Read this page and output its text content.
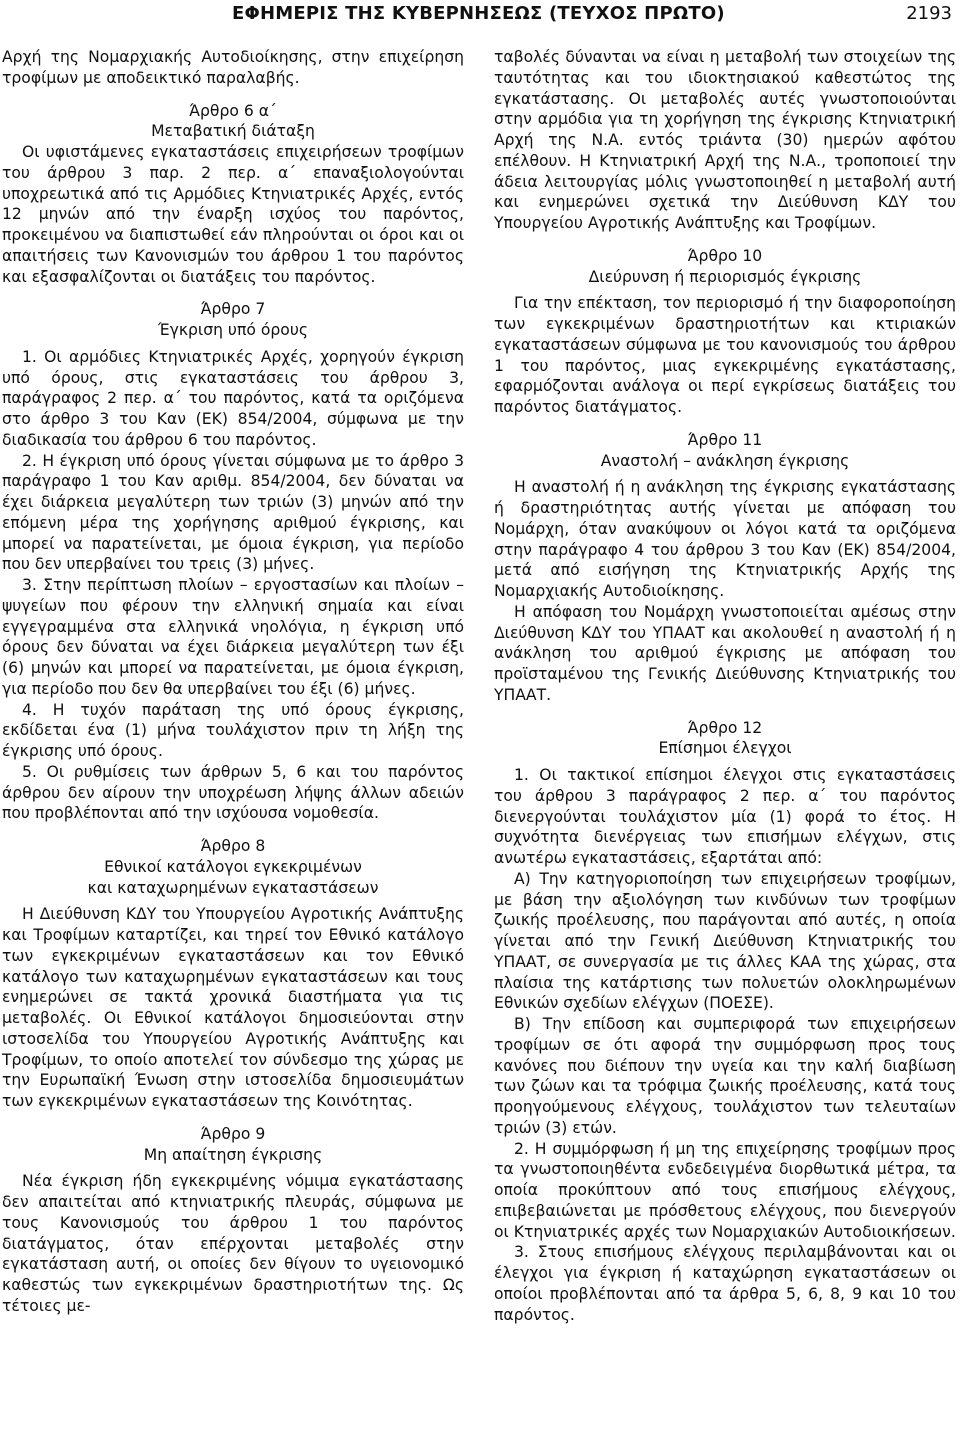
ΕΦΗΜΕΡΙΣ ΤΗΣ ΚΥΒΕΡΝΗΣΕΩΣ (ΤΕΥΧΟΣ ΠΡΩΤΟ)	2193

Αρχή της Νομαρχιακής Αυτοδιοίκησης, στην επιχείρηση τροφίμων με αποδεικτικό παραλαβής.

Άρθρο 6 α΄

Μεταβατική διάταξη

Οι υφιστάμενες εγκαταστάσεις επιχειρήσεων τροφίμων του άρθρου 3 παρ. 2 περ. α΄ επαναξιολογούνται υποχρεωτικά από τις Αρμόδιες Κτηνιατρικές Αρχές, εντός 12 μηνών από την έναρξη ισχύος του παρόντος, προκειμένου να διαπιστωθεί εάν πληρούνται οι όροι και οι απαιτήσεις των Κανονισμών του άρθρου 1 του παρόντος και εξασφαλίζονται οι διατάξεις του παρόντος.

Άρθρο 7

Έγκριση υπό όρους

1. Οι αρμόδιες Κτηνιατρικές Αρχές, χορηγούν έγκριση υπό όρους, στις εγκαταστάσεις του άρθρου 3, παράγραφος 2 περ. α΄ του παρόντος, κατά τα οριζόμενα στο άρθρο 3 του Καν (ΕΚ) 854/2004, σύμφωνα με την διαδικασία του άρθρου 6 του παρόντος.

2. Η έγκριση υπό όρους γίνεται σύμφωνα με το άρθρο 3 παράγραφο 1 του Καν αριθμ. 854/2004, δεν δύναται να έχει διάρκεια μεγαλύτερη των τριών (3) μηνών από την επόμενη μέρα της χορήγησης αριθμού έγκρισης, και μπορεί να παρατείνεται, με όμοια έγκριση, για περίοδο που δεν υπερβαίνει του τρεις (3) μήνες.

3. Στην περίπτωση πλοίων – εργοστασίων και πλοίων – ψυγείων που φέρουν την ελληνική σημαία και είναι εγγεγραμμένα στα ελληνικά νηολόγια, η έγκριση υπό όρους δεν δύναται να έχει διάρκεια μεγαλύτερη των έξι (6) μηνών και μπορεί να παρατείνεται, με όμοια έγκριση, για περίοδο που δεν θα υπερβαίνει του έξι (6) μήνες.

4. Η τυχόν παράταση της υπό όρους έγκρισης, εκδίδεται ένα (1) μήνα τουλάχιστον πριν τη λήξη της έγκρισης υπό όρους.

5. Οι ρυθμίσεις των άρθρων 5, 6 και του παρόντος άρθρου δεν αίρουν την υποχρέωση λήψης άλλων αδειών που προβλέπονται από την ισχύουσα νομοθεσία.

Άρθρο 8

Εθνικοί κατάλογοι εγκεκριμένων

και καταχωρημένων εγκαταστάσεων

Η Διεύθυνση ΚΔΥ του Υπουργείου Αγροτικής Ανάπτυξης και Τροφίμων καταρτίζει, και τηρεί τον Εθνικό κατάλογο των εγκεκριμένων εγκαταστάσεων και τον Εθνικό κατάλογο των καταχωρημένων εγκαταστάσεων και τους ενημερώνει σε τακτά χρονικά διαστήματα για τις μεταβολές. Οι Εθνικοί κατάλογοι δημοσιεύονται στην ιστοσελίδα του Υπουργείου Αγροτικής Ανάπτυξης και Τροφίμων, το οποίο αποτελεί τον σύνδεσμο της χώρας με την Ευρωπαϊκή Ένωση στην ιστοσελίδα δημοσιευμάτων των εγκεκριμένων εγκαταστάσεων της Κοινότητας.

Άρθρο 9

Μη απαίτηση έγκρισης

Νέα έγκριση ήδη εγκεκριμένης νόμιμα εγκατάστασης δεν απαιτείται από κτηνιατρικής πλευράς, σύμφωνα με τους Κανονισμούς του άρθρου 1 του παρόντος διατάγματος, όταν επέρχονται μεταβολές στην εγκατάσταση αυτή, οι οποίες δεν θίγουν το υγειονομικό καθεστώς των εγκεκριμένων δραστηριοτήτων της. Ως τέτοιες με-

ταβολές δύνανται να είναι η μεταβολή των στοιχείων της ταυτότητας και του ιδιοκτησιακού καθεστώτος της εγκατάστασης. Οι μεταβολές αυτές γνωστοποιούνται στην αρμόδια για τη χορήγηση της έγκρισης Κτηνιατρική Αρχή της Ν.Α. εντός τριάντα (30) ημερών αφότου επέλθουν. Η Κτηνιατρική Αρχή της Ν.Α., τροποποιεί την άδεια λειτουργίας μόλις γνωστοποιηθεί η μεταβολή αυτή και ενημερώνει σχετικά την Διεύθυνση ΚΔΥ του Υπουργείου Αγροτικής Ανάπτυξης και Τροφίμων.

Άρθρο 10

Διεύρυνση ή περιορισμός έγκρισης

Για την επέκταση, τον περιορισμό ή την διαφοροποίηση των εγκεκριμένων δραστηριοτήτων και κτιριακών εγκαταστάσεων σύμφωνα με του κανονισμούς του άρθρου 1 του παρόντος, μιας εγκεκριμένης εγκατάστασης, εφαρμόζονται ανάλογα οι περί εγκρίσεως διατάξεις του παρόντος διατάγματος.

Άρθρο 11

Αναστολή – ανάκληση έγκρισης

Η αναστολή ή η ανάκληση της έγκρισης εγκατάστασης ή δραστηριότητας αυτής γίνεται με απόφαση του Νομάρχη, όταν ανακύψουν οι λόγοι κατά τα οριζόμενα στην παράγραφο 4 του άρθρου 3 του Καν (ΕΚ) 854/2004, μετά από εισήγηση της Κτηνιατρικής Αρχής της Νομαρχιακής Αυτοδιοίκησης.

Η απόφαση του Νομάρχη γνωστοποιείται αμέσως στην Διεύθυνση ΚΔΥ του ΥΠΑΑΤ και ακολουθεί η αναστολή ή η ανάκληση του αριθμού έγκρισης με απόφαση του προϊσταμένου της Γενικής Διεύθυνσης Κτηνιατρικής του ΥΠΑΑΤ.

Άρθρο 12

Επίσημοι έλεγχοι

1. Οι τακτικοί επίσημοι έλεγχοι στις εγκαταστάσεις του άρθρου 3 παράγραφος 2 περ. α΄ του παρόντος διενεργούνται τουλάχιστον μία (1) φορά το έτος. Η συχνότητα διενέργειας των επισήμων ελέγχων, στις ανωτέρω εγκαταστάσεις, εξαρτάται από:

Α) Την κατηγοριοποίηση των επιχειρήσεων τροφίμων, με βάση την αξιολόγηση των κινδύνων των τροφίμων ζωικής προέλευσης, που παράγονται από αυτές, η οποία γίνεται από την Γενική Διεύθυνση Κτηνιατρικής του ΥΠΑΑΤ, σε συνεργασία με τις άλλες ΚΑΑ της χώρας, στα πλαίσια της κατάρτισης των πολυετών ολοκληρωμένων Εθνικών σχεδίων ελέγχων (ΠΟΕΣΕ).

Β) Την επίδοση και συμπεριφορά των επιχειρήσεων τροφίμων σε ότι αφορά την συμμόρφωση προς τους κανόνες που διέπουν την υγεία και την καλή διαβίωση των ζώων και τα τρόφιμα ζωικής προέλευσης, κατά τους προηγούμενους ελέγχους, τουλάχιστον των τελευταίων τριών (3) ετών.

2. Η συμμόρφωση ή μη της επιχείρησης τροφίμων προς τα γνωστοποιηθέντα ενδεδειγμένα διορθωτικά μέτρα, τα οποία προκύπτουν από τους επισήμους ελέγχους, επιβεβαιώνεται με πρόσθετους ελέγχους, που διενεργούν οι Κτηνιατρικές αρχές των Νομαρχιακών Αυτοδιοικήσεων.

3. Στους επισήμους ελέγχους περιλαμβάνονται και οι έλεγχοι για έγκριση ή καταχώρηση εγκαταστάσεων οι οποίοι προβλέπονται από τα άρθρα 5, 6, 8, 9 και 10 του παρόντος.
